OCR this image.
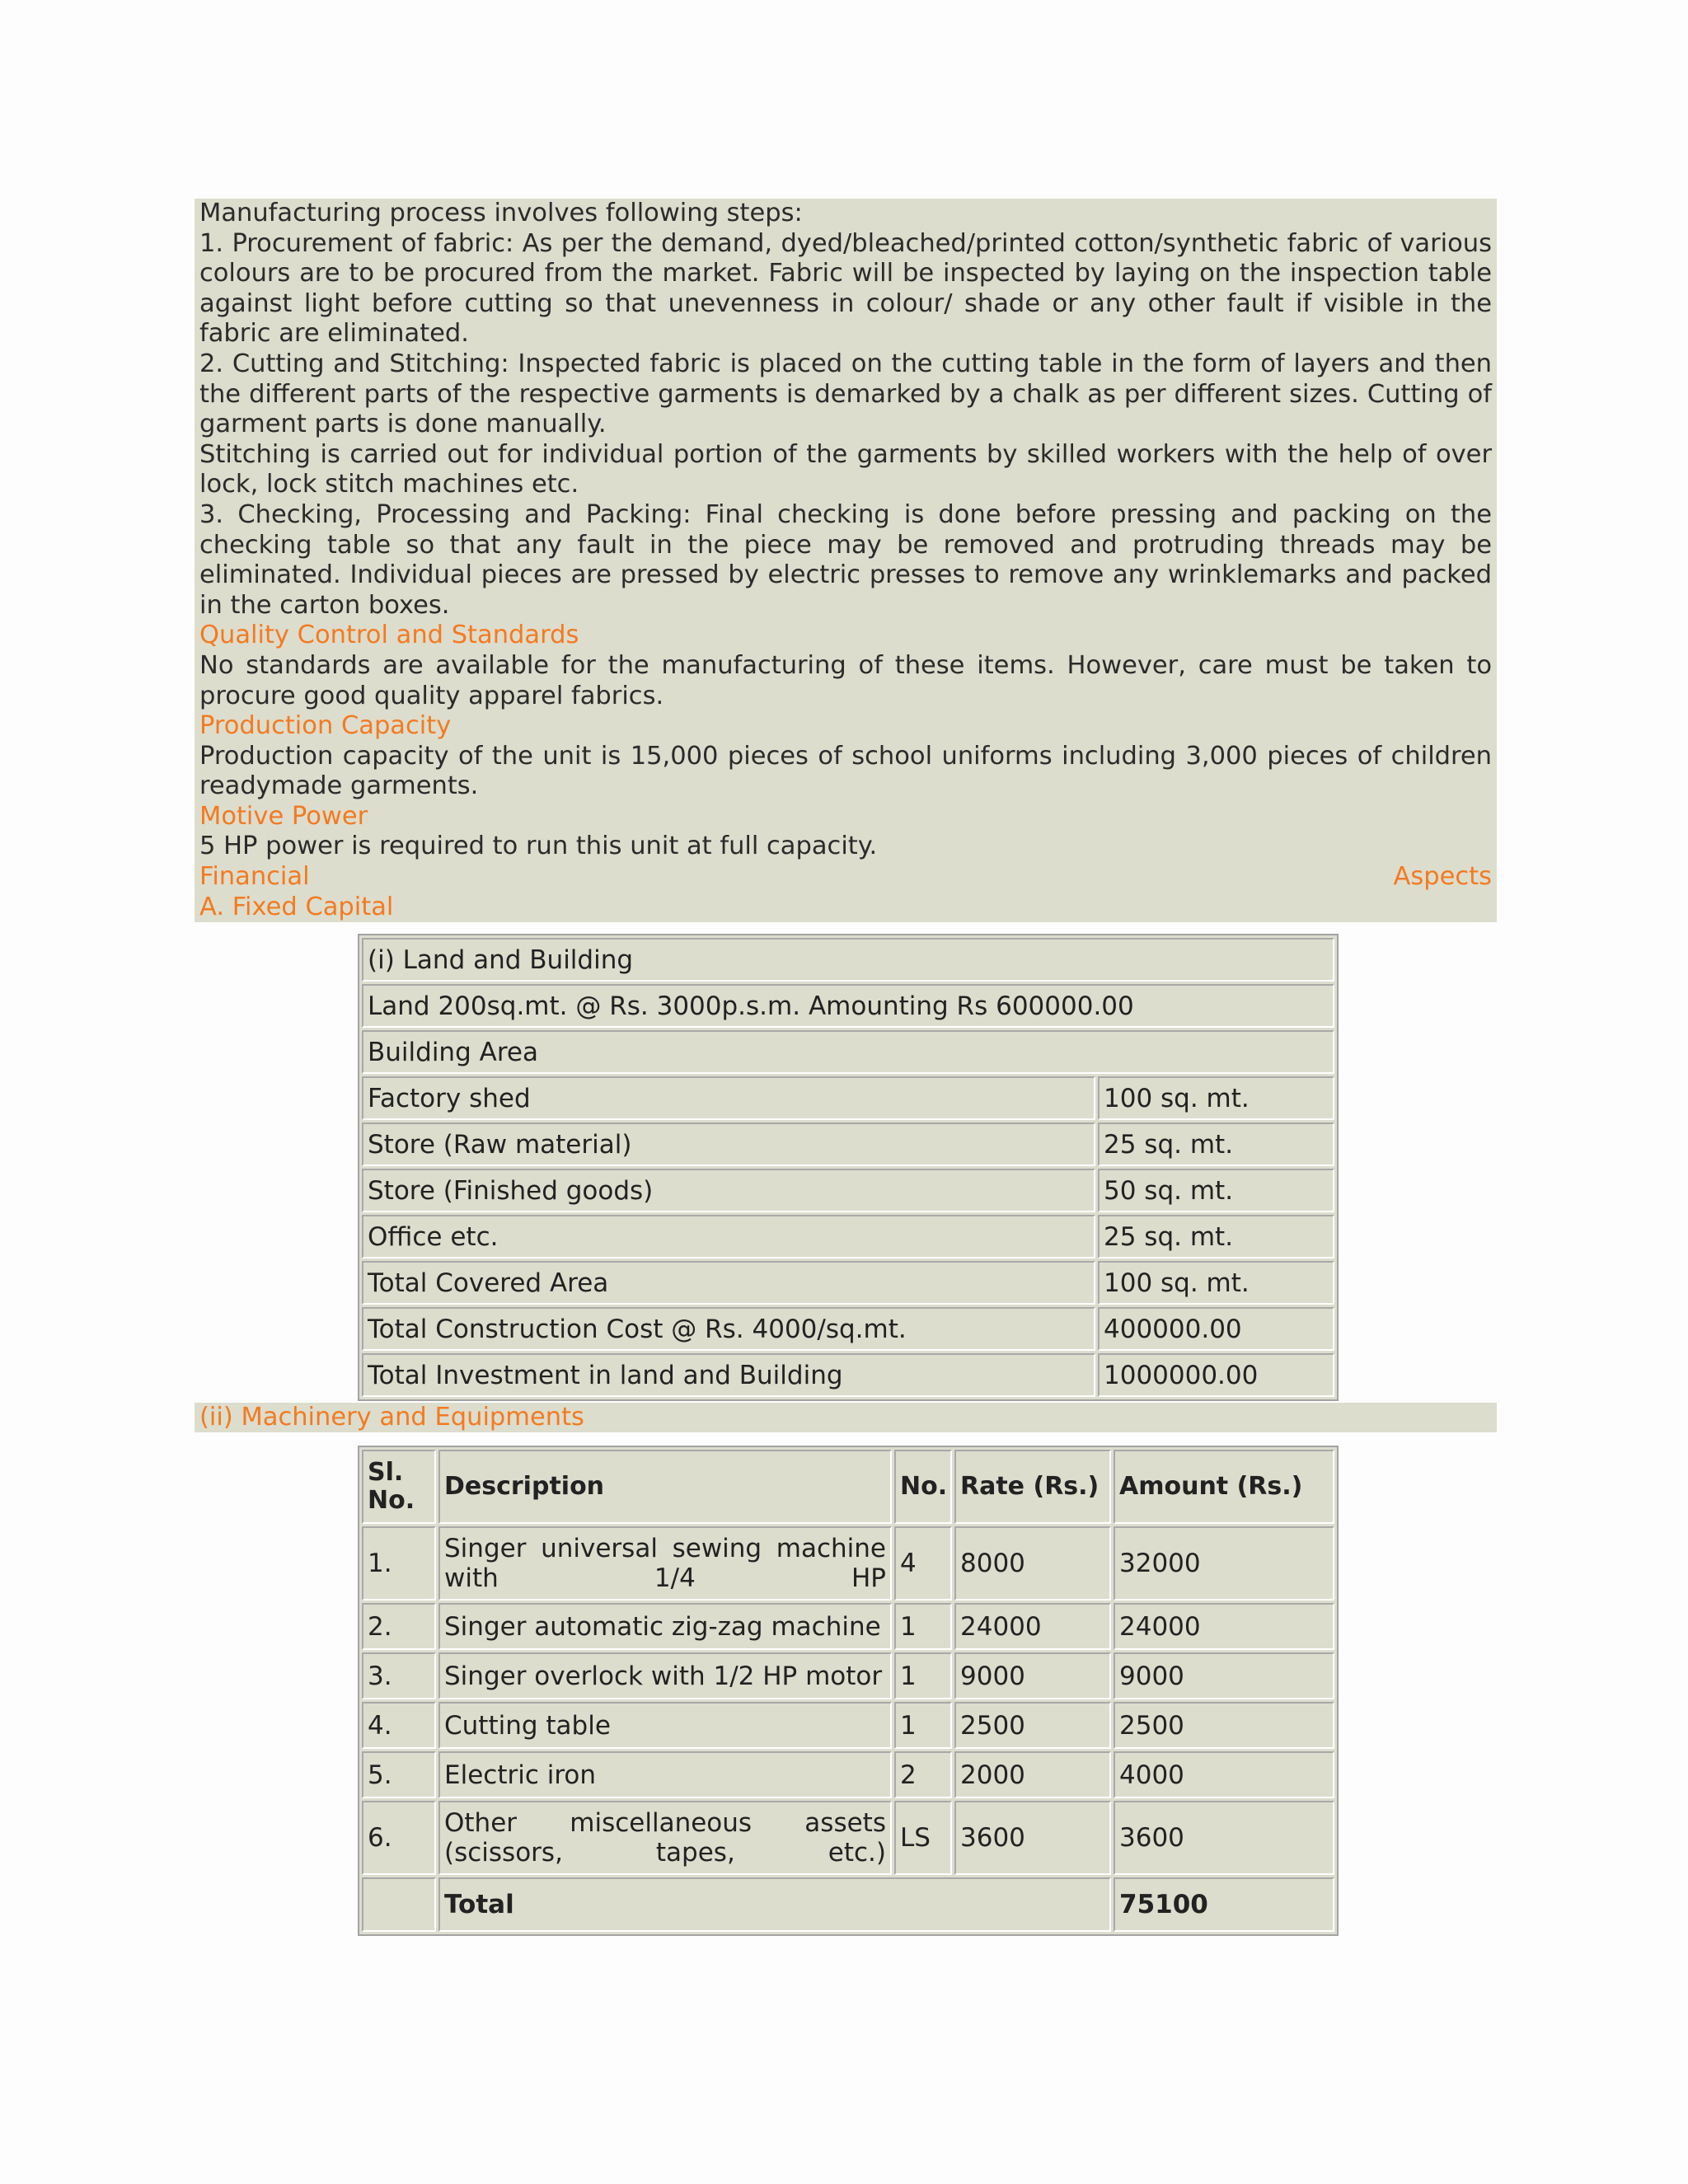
Manufacturing process involves following steps:

1. Procurement of fabric: As per the demand, dyed/bleached/printed cotton/synthetic fabric of various colours are to be procured from the market. Fabric will be inspected by laying on the inspection table against light before cutting so that unevenness in colour/ shade or any other fault if visible in the fabric are eliminated.

2. Cutting and Stitching: Inspected fabric is placed on the cutting table in the form of layers and then the different parts of the respective garments is demarked by a chalk as per different sizes. Cutting of garment parts is done manually.

Stitching is carried out for individual portion of the garments by skilled workers with the help of over lock, lock stitch machines etc.

3. Checking, Processing and Packing: Final checking is done before pressing and packing on the checking table so that any fault in the piece may be removed and protruding threads may be eliminated. Individual pieces are pressed by electric presses to remove any wrinklemarks and packed in the carton boxes.

Quality Control and Standards

No standards are available for the manufacturing of these items. However, care must be taken to procure good quality apparel fabrics.

Production Capacity

Production capacity of the unit is 15,000 pieces of school uniforms including 3,000 pieces of children readymade garments.

Motive Power

5 HP power is required to run this unit at full capacity.

Financial	Aspects

A. Fixed Capital

(i) Land and Building	
Land 200sq.mt. @ Rs. 3000p.s.m. Amounting Rs 600000.00	
Building Area	
Factory shed	100 sq. mt.
Store (Raw material)	25 sq. mt.
Store (Finished goods)	50 sq. mt.
Office etc.	25 sq. mt.
Total Covered Area	100 sq. mt.
Total Construction Cost @ Rs. 4000/sq.mt.	400000.00
Total Investment in land and Building	1000000.00
(ii) Machinery and Equipments
Sl. No.	Description	No.	Rate (Rs.)	Amount (Rs.)
1.	Singer universal sewing machine with 1/4 HP	4	8000	32000
2.	Singer automatic zig-zag machine	1	24000	24000
3.	Singer overlock with 1/2 HP motor	1	9000	9000
4.	Cutting table	1	2500	2500
5.	Electric iron	2	2000	4000
6.	Other miscellaneous assets (scissors, tapes, etc.)	LS	3600	3600
	Total			75100
